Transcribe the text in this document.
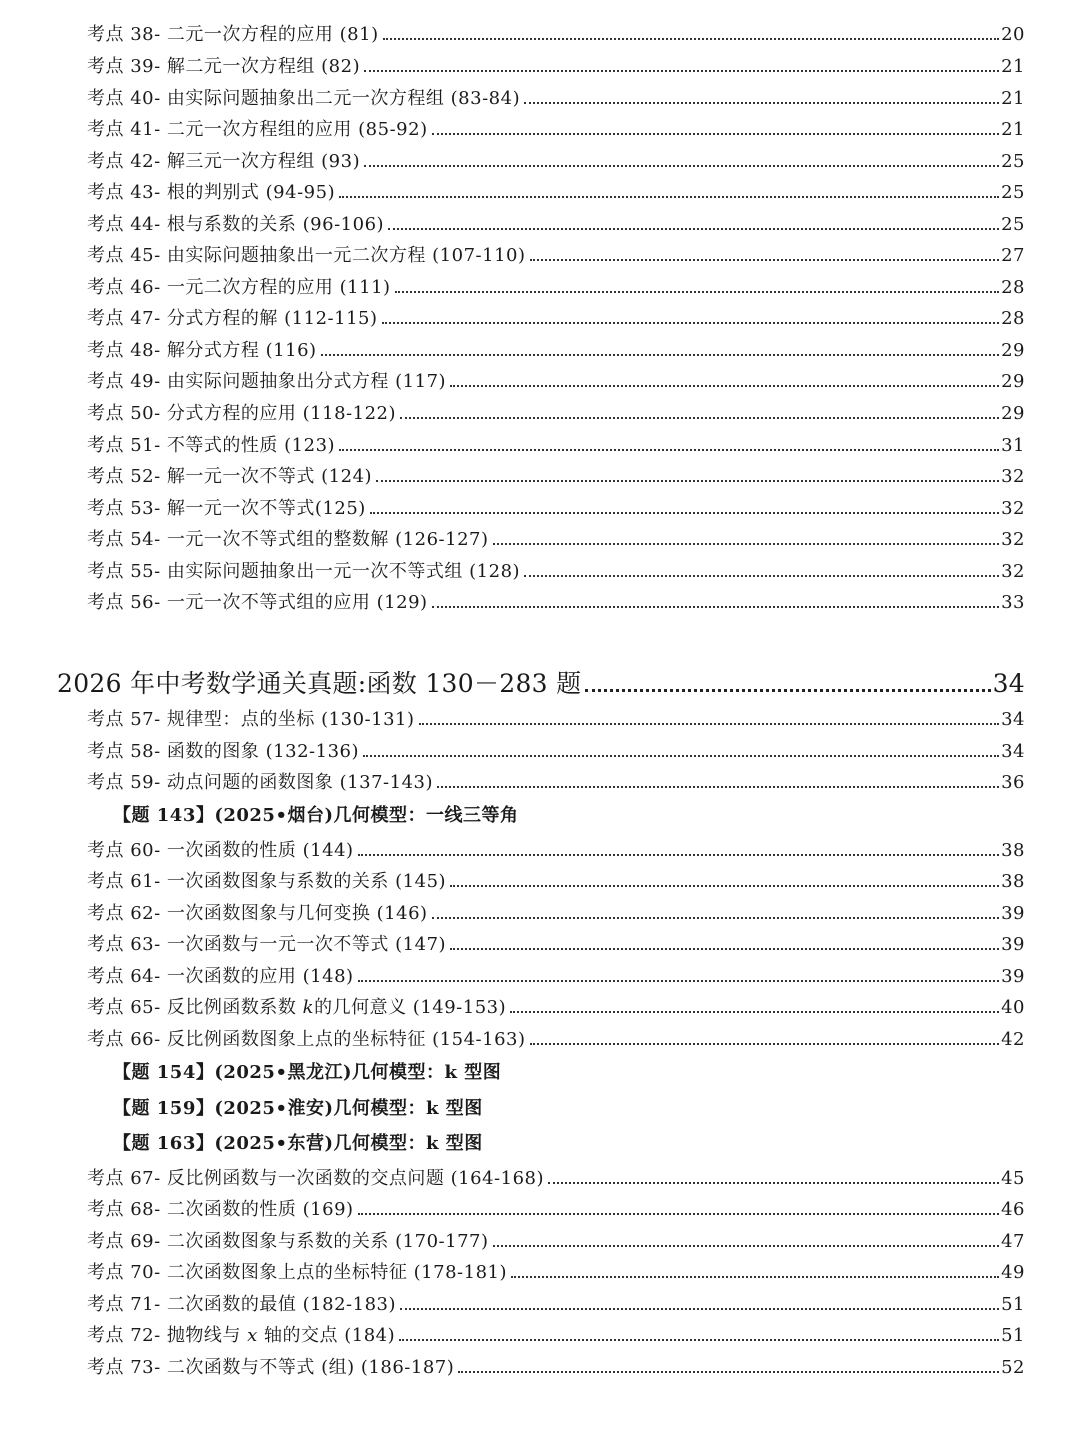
考点 38- 二元一次方程的应用 (81)	20
考点 39- 解二元一次方程组 (82)	21
考点 40- 由实际问题抽象出二元一次方程组 (83-84)	21
考点 41- 二元一次方程组的应用 (85-92)	21
考点 42- 解三元一次方程组 (93)	25
考点 43- 根的判别式 (94-95)	25
考点 44- 根与系数的关系 (96-106)	25
考点 45- 由实际问题抽象出一元二次方程 (107-110)	27
考点 46- 一元二次方程的应用 (111)	28
考点 47- 分式方程的解 (112-115)	28
考点 48- 解分式方程 (116)	29
考点 49- 由实际问题抽象出分式方程 (117)	29
考点 50- 分式方程的应用 (118-122)	29
考点 51- 不等式的性质 (123)	31
考点 52- 解一元一次不等式 (124)	32
考点 53- 解一元一次不等式(125)	32
考点 54- 一元一次不等式组的整数解 (126-127)	32
考点 55- 由实际问题抽象出一元一次不等式组 (128)	32
考点 56- 一元一次不等式组的应用 (129)	33
2026 年中考数学通关真题:函数 130－283 题	34
考点 57- 规律型：点的坐标 (130-131)	34
考点 58- 函数的图象 (132-136)	34
考点 59- 动点问题的函数图象 (137-143)	36
【题 143】(2025•烟台)几何模型：一线三等角
考点 60- 一次函数的性质 (144)	38
考点 61- 一次函数图象与系数的关系 (145)	38
考点 62- 一次函数图象与几何变换 (146)	39
考点 63- 一次函数与一元一次不等式 (147)	39
考点 64- 一次函数的应用 (148)	39
考点 65- 反比例函数系数 k的几何意义 (149-153)	40
考点 66- 反比例函数图象上点的坐标特征 (154-163)	42
【题 154】(2025•黑龙江)几何模型：k 型图
【题 159】(2025•淮安)几何模型：k 型图
【题 163】(2025•东营)几何模型：k 型图
考点 67- 反比例函数与一次函数的交点问题 (164-168)	45
考点 68- 二次函数的性质 (169)	46
考点 69- 二次函数图象与系数的关系 (170-177)	47
考点 70- 二次函数图象上点的坐标特征 (178-181)	49
考点 71- 二次函数的最值 (182-183)	51
考点 72- 抛物线与 x 轴的交点 (184)	51
考点 73- 二次函数与不等式 (组) (186-187)	52
